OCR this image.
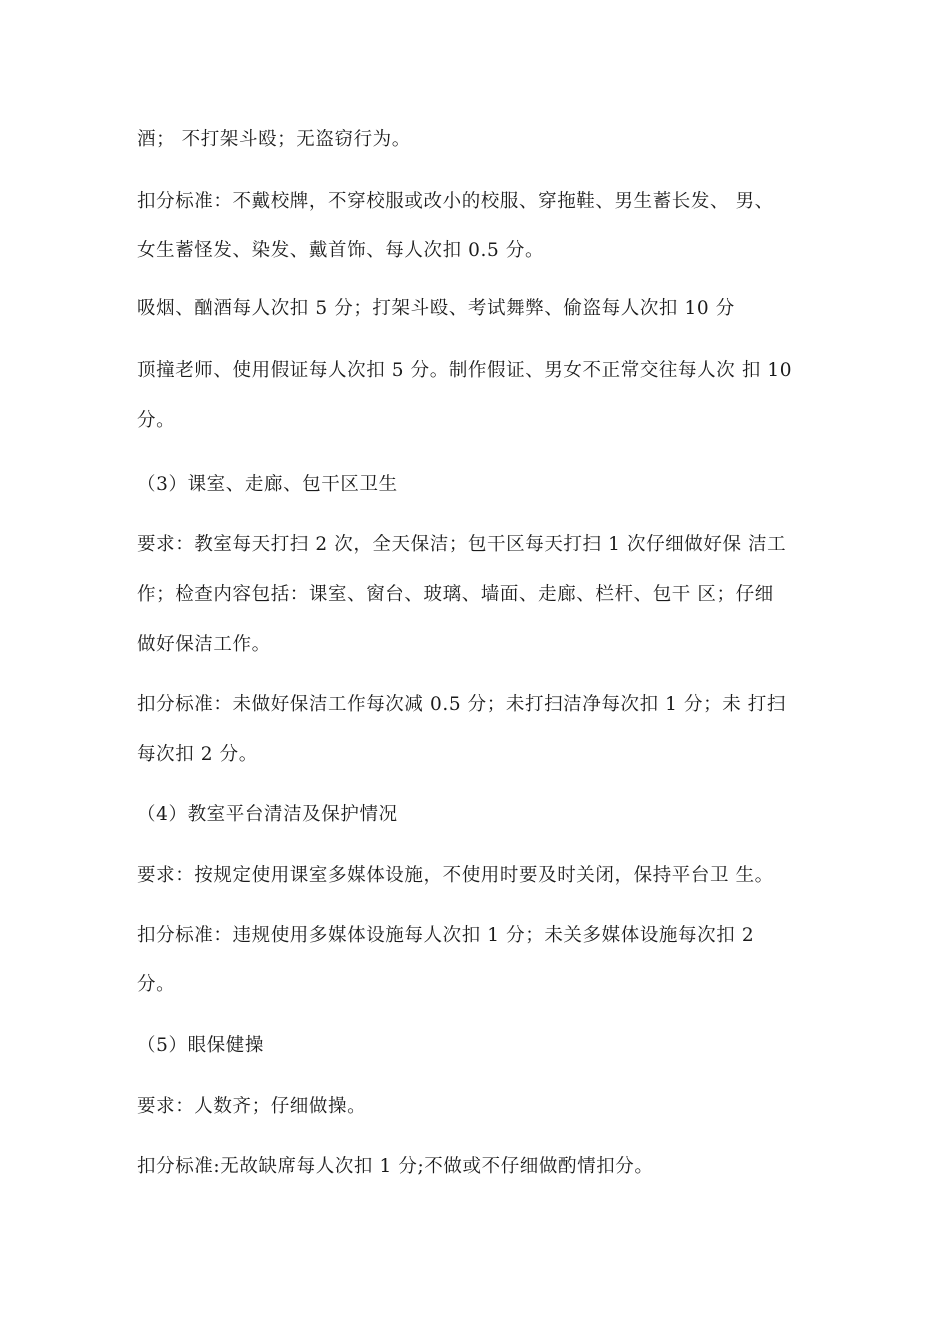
酒； 不打架斗殴；无盗窃行为。
扣分标准：不戴校牌，不穿校服或改小的校服、穿拖鞋、男生蓄长发、 男、
女生蓄怪发、染发、戴首饰、每人次扣 0.5 分。
吸烟、酗酒每人次扣 5 分；打架斗殴、考试舞弊、偷盗每人次扣 10 分
顶撞老师、使用假证每人次扣 5 分。制作假证、男女不正常交往每人次 扣 10
分。
（3）课室、走廊、包干区卫生
要求：教室每天打扫 2 次，全天保洁；包干区每天打扫 1 次仔细做好保 洁工
作；检查内容包括：课室、窗台、玻璃、墙面、走廊、栏杆、包干 区；仔细
做好保洁工作。
扣分标准：未做好保洁工作每次减 0.5 分；未打扫洁净每次扣 1 分；未 打扫
每次扣 2 分。
（4）教室平台清洁及保护情况
要求：按规定使用课室多媒体设施，不使用时要及时关闭，保持平台卫 生。
扣分标准：违规使用多媒体设施每人次扣 1 分；未关多媒体设施每次扣 2
分。
（5）眼保健操
要求：人数齐；仔细做操。
扣分标准:无故缺席每人次扣 1 分;不做或不仔细做酌情扣分。
